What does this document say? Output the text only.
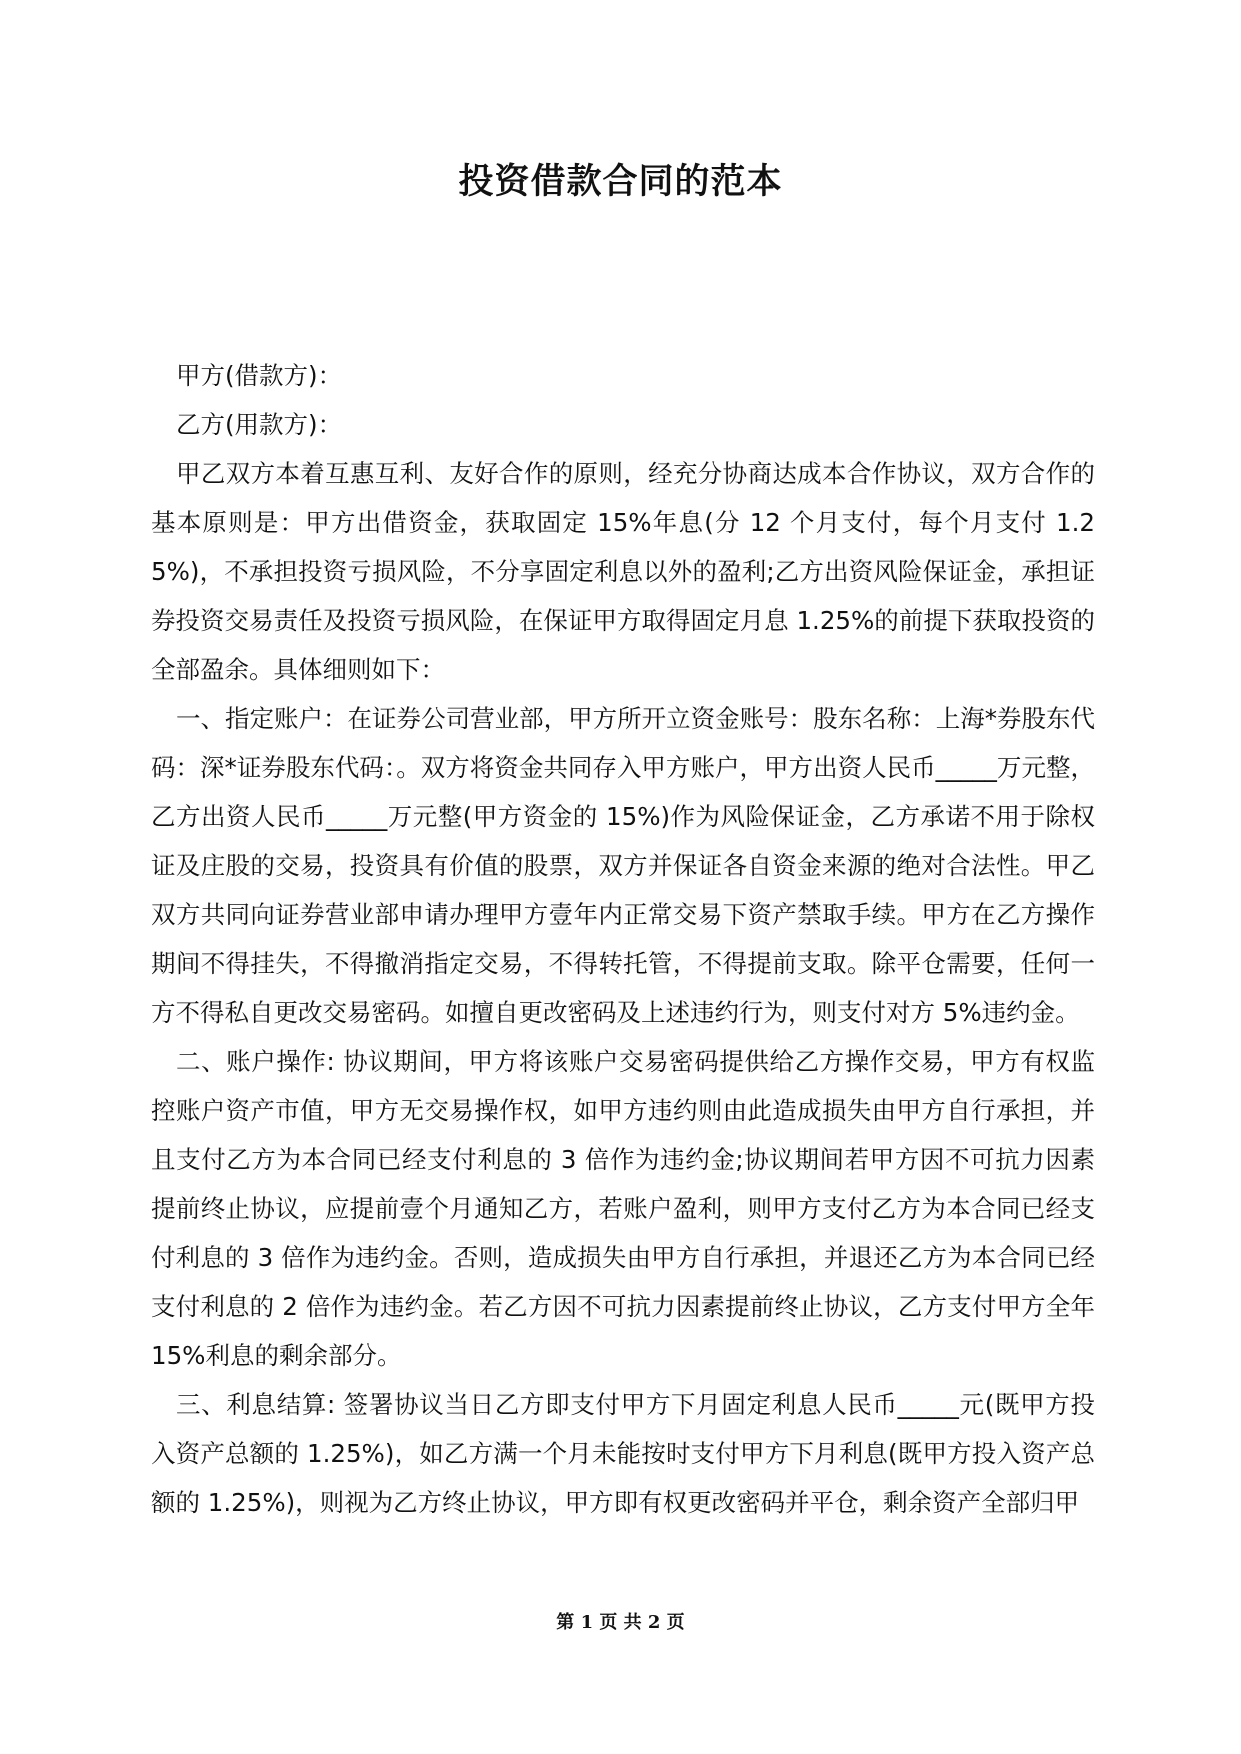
投资借款合同的范本

甲方(借款方)：

乙方(用款方)：

甲乙双方本着互惠互利、友好合作的原则，经充分协商达成本合作协议，双方合作的基本原则是：甲方出借资金，获取固定 15%年息(分 12 个月支付，每个月支付 1.25%)，不承担投资亏损风险，不分享固定利息以外的盈利;乙方出资风险保证金，承担证券投资交易责任及投资亏损风险，在保证甲方取得固定月息 1.25%的前提下获取投资的全部盈余。具体细则如下：

一、指定账户：在证券公司营业部，甲方所开立资金账号：股东名称：上海*券股东代码：深*证券股东代码：。双方将资金共同存入甲方账户，甲方出资人民币_____万元整，乙方出资人民币_____万元整(甲方资金的 15%)作为风险保证金，乙方承诺不用于除权证及庄股的交易，投资具有价值的股票，双方并保证各自资金来源的绝对合法性。甲乙双方共同向证券营业部申请办理甲方壹年内正常交易下资产禁取手续。甲方在乙方操作期间不得挂失，不得撤消指定交易，不得转托管，不得提前支取。除平仓需要，任何一方不得私自更改交易密码。如擅自更改密码及上述违约行为，则支付对方 5%违约金。

二、账户操作: 协议期间，甲方将该账户交易密码提供给乙方操作交易，甲方有权监控账户资产市值，甲方无交易操作权，如甲方违约则由此造成损失由甲方自行承担，并且支付乙方为本合同已经支付利息的 3 倍作为违约金;协议期间若甲方因不可抗力因素提前终止协议，应提前壹个月通知乙方，若账户盈利，则甲方支付乙方为本合同已经支付利息的 3 倍作为违约金。否则，造成损失由甲方自行承担，并退还乙方为本合同已经支付利息的 2 倍作为违约金。若乙方因不可抗力因素提前终止协议，乙方支付甲方全年 15%利息的剩余部分。

三、利息结算: 签署协议当日乙方即支付甲方下月固定利息人民币_____元(既甲方投入资产总额的 1.25%)，如乙方满一个月未能按时支付甲方下月利息(既甲方投入资产总额的 1.25%)，则视为乙方终止协议，甲方即有权更改密码并平仓，剩余资产全部归甲

第 1 页 共 2 页
